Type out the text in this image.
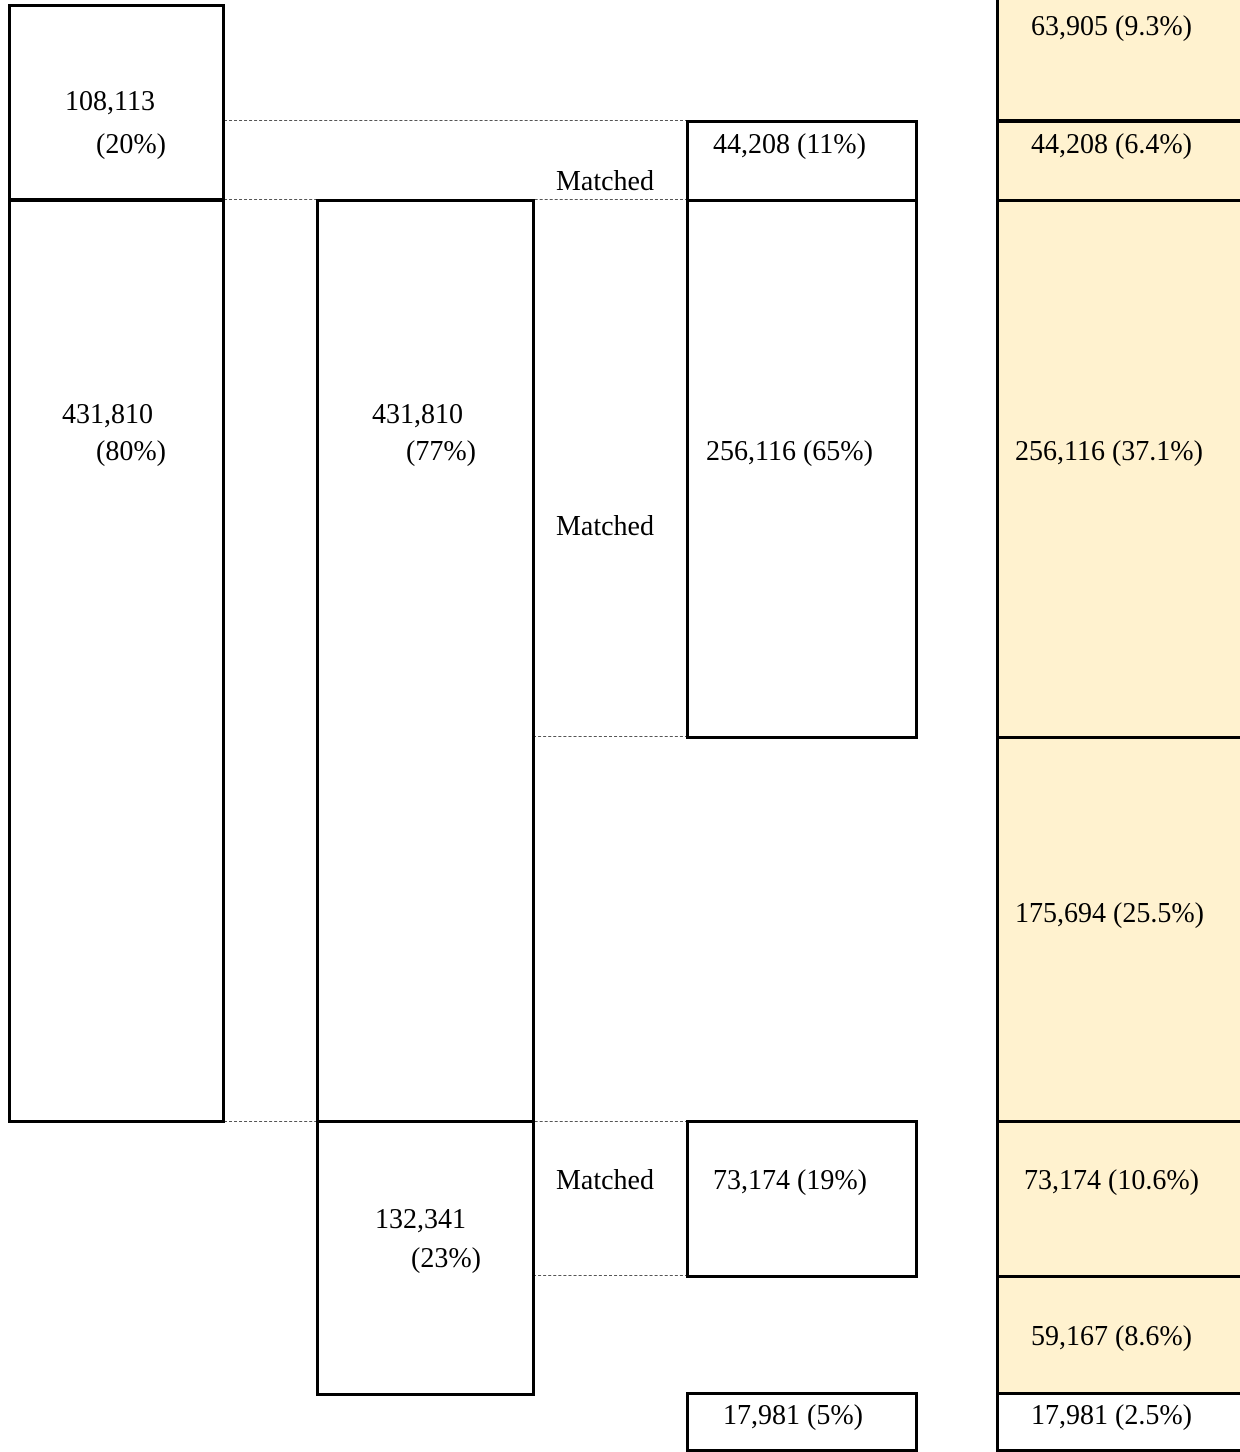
108,113
(20%)
431,810
(80%)
431,810
(77%)
132,341
(23%)
Matched
Matched
Matched
44,208 (11%)
256,116 (65%)
73,174 (19%)
17,981 (5%)
63,905 (9.3%)
44,208 (6.4%)
256,116 (37.1%)
175,694 (25.5%)
73,174 (10.6%)
59,167 (8.6%)
17,981 (2.5%)
